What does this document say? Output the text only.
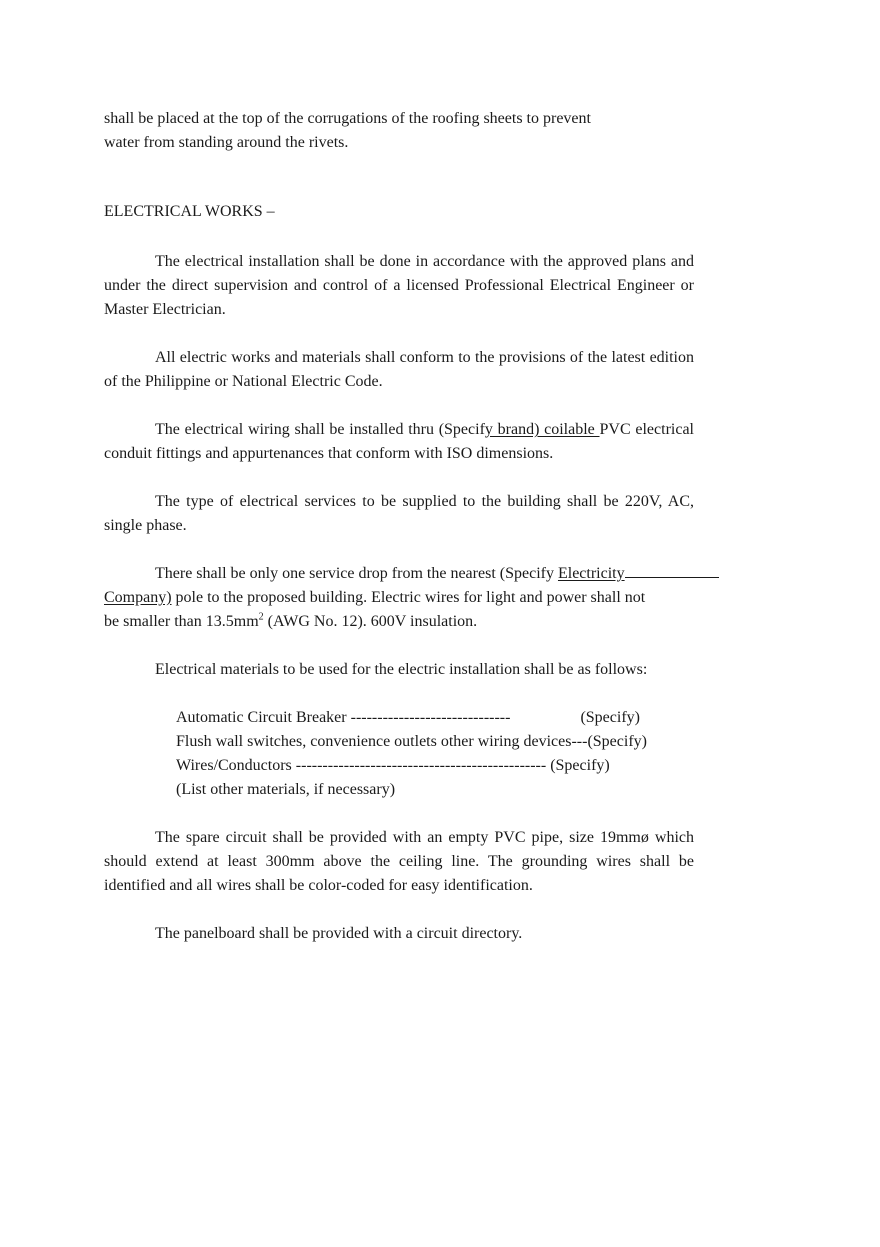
shall be placed at the top of the corrugations of the roofing sheets to prevent
water from standing around the rivets.

ELECTRICAL WORKS –

The electrical installation shall be done in accordance with the approved plans and under the direct supervision and control of a licensed Professional Electrical Engineer or Master Electrician.

All electric works and materials shall conform to the provisions of the latest edition of the Philippine or National Electric Code.

The electrical wiring shall be installed thru (Specify brand) coilable PVC electrical conduit fittings and appurtenances that conform with ISO dimensions.

The type of electrical services to be supplied to the building shall be 220V, AC, single phase.

There shall be only one service drop from the nearest (Specify Electricity
Company) pole to the proposed building. Electric wires for light and power shall not
be smaller than $13.5mm^2$ (AWG No. 12). 600V insulation.

Electrical materials to be used for the electric installation shall be as follows:

Automatic Circuit Breaker ------------------------------	(Specify)
Flush wall switches, convenience outlets other wiring devices---(Specify)
Wires/Conductors ----------------------------------------------- (Specify)
(List other materials, if necessary)

The spare circuit shall be provided with an empty PVC pipe, size 19mmø which should extend at least 300mm above the ceiling line. The grounding wires shall be identified and all wires shall be color-coded for easy identification.

The panelboard shall be provided with a circuit directory.
